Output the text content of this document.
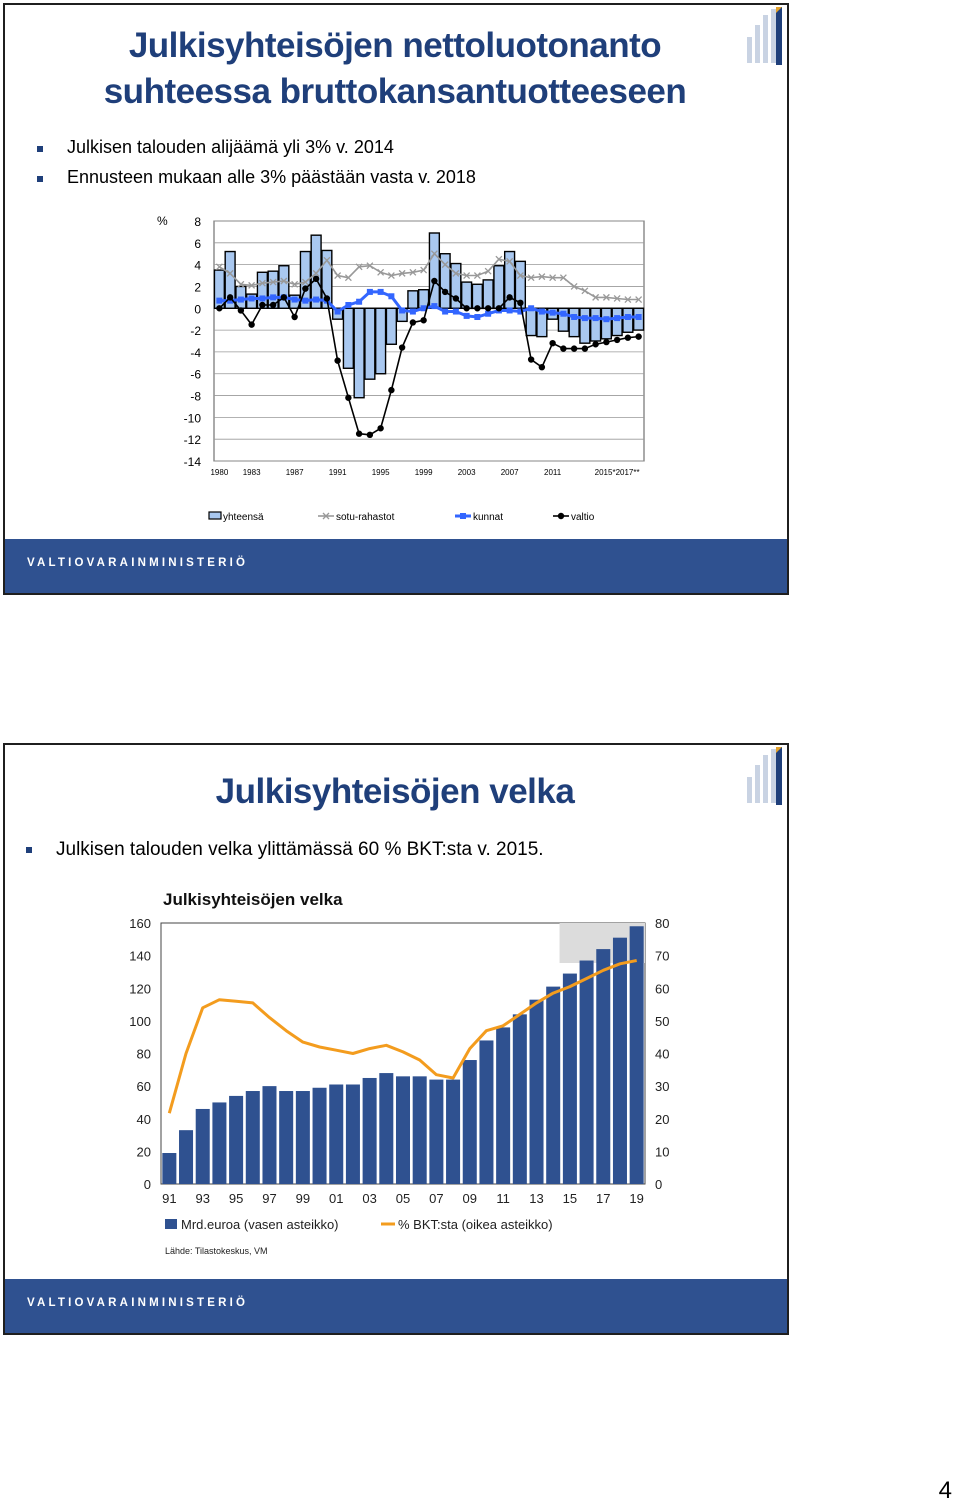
Julkisyhteisöjen nettoluotonanto
suhteessa bruttokansantuotteeseen
Julkisen talouden alijäämä yli 3% v. 2014
Ennusteen mukaan alle 3% päästään vasta v. 2018
8
6
4
2
0
-2
-4
-6
-8
-10
-12
-14
%
1980 1983	1987	1991	1995	1999	2003	2007	2011	2015*2017**
yhteensä	sotu-rahastot	kunnat	valtio
VALTIOVARAINMINISTERIÖ
Julkisyhteisöjen velka
Julkisen talouden velka ylittämässä 60 % BKT:sta v. 2015.
Julkisyhteisöjen velka
160
140
120
100
80
60
40
20
0
80
70
60
50
40
30
20
10
0
91 93 95 97 99 01 03 05 07 09 11 13 15 17 19
Mrd.euroa (vasen asteikko)	% BKT:sta (oikea asteikko)
Lähde: Tilastokeskus, VM
VALTIOVARAINMINISTERIÖ
4
